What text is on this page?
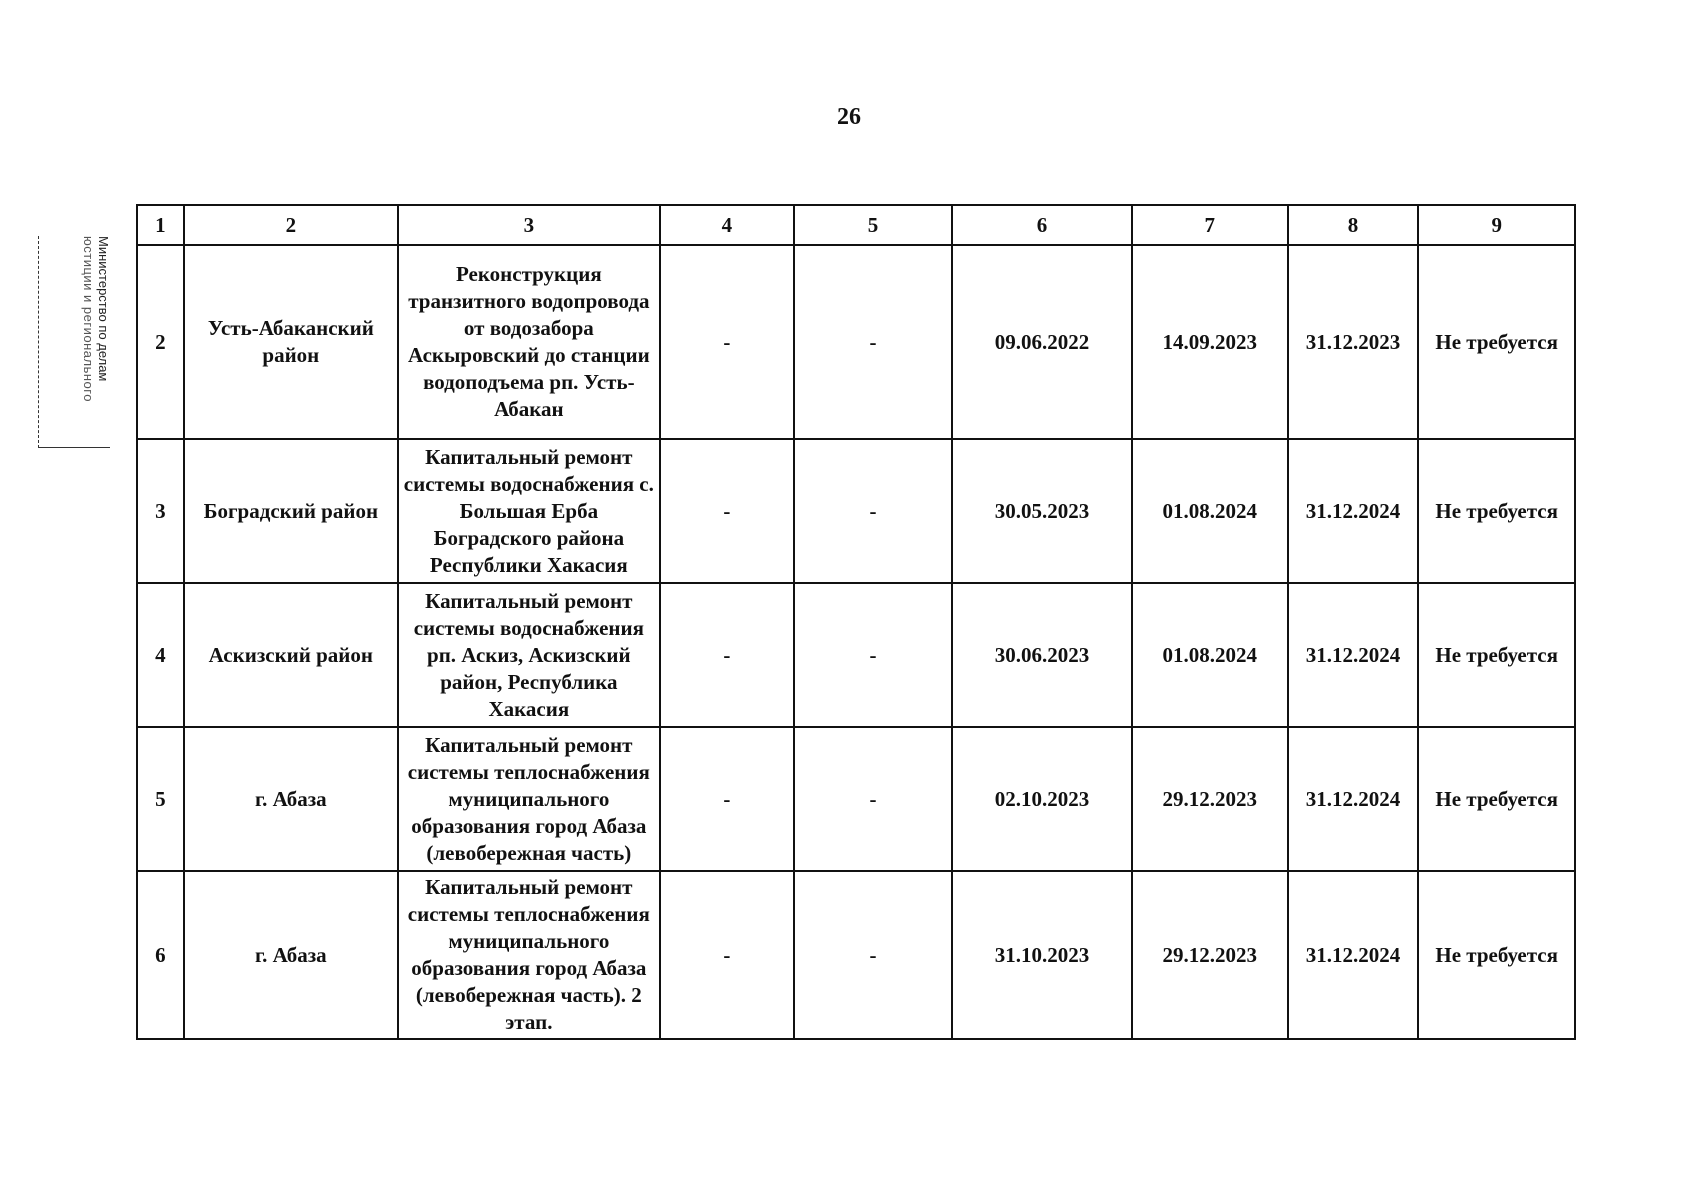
26
Министерство по делам
юстиции и регионального
1	2	3	4	5	6	7	8	9
2	Усть-Абаканский район	Реконструкция транзитного водопровода от водозабора Аскыровский до станции водоподъема рп. Усть-Абакан	-	-	09.06.2022	14.09.2023	31.12.2023	Не требуется
3	Боградский район	Капитальный ремонт системы водоснабжения с. Большая Ерба Боградского района Республики Хакасия	-	-	30.05.2023	01.08.2024	31.12.2024	Не требуется
4	Аскизский район	Капитальный ремонт системы водоснабжения рп. Аскиз, Аскизский район, Республика Хакасия	-	-	30.06.2023	01.08.2024	31.12.2024	Не требуется
5	г. Абаза	Капитальный ремонт системы теплоснабжения муниципального образования город Абаза (левобережная часть)	-	-	02.10.2023	29.12.2023	31.12.2024	Не требуется
6	г. Абаза	Капитальный ремонт системы теплоснабжения муниципального образования город Абаза (левобережная часть). 2 этап.	-	-	31.10.2023	29.12.2023	31.12.2024	Не требуется
